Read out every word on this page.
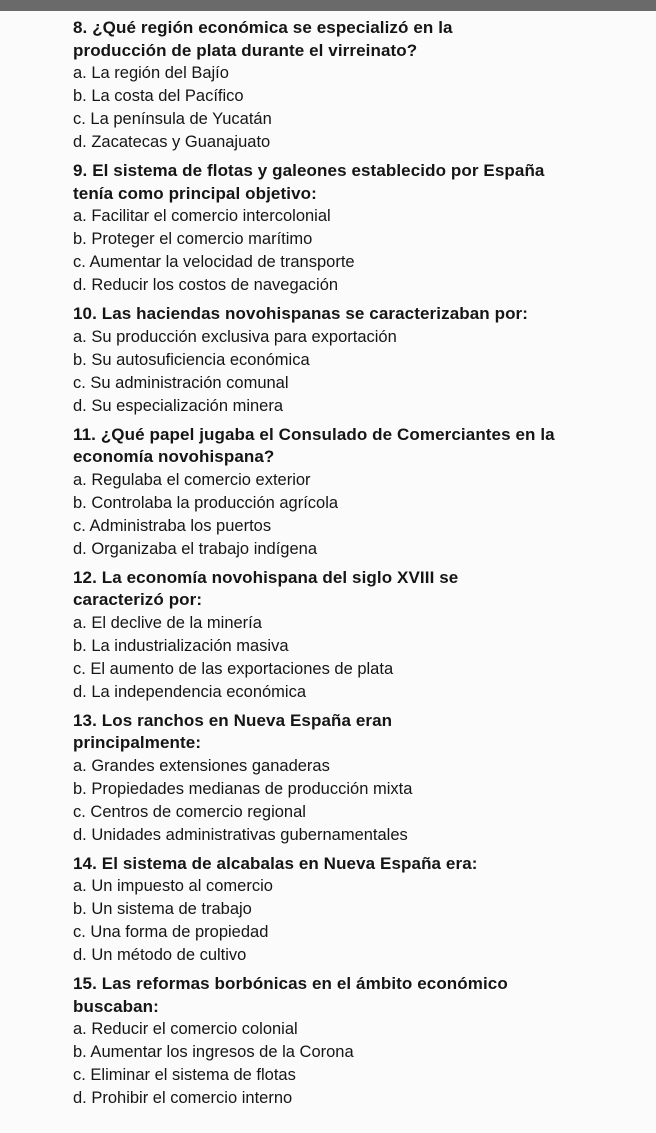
8. ¿Qué región económica se especializó en la producción de plata durante el virreinato?

a. La región del Bajío

b. La costa del Pacífico

c. La península de Yucatán

d. Zacatecas y Guanajuato

9. El sistema de flotas y galeones establecido por España tenía como principal objetivo:

a. Facilitar el comercio intercolonial

b. Proteger el comercio marítimo

c. Aumentar la velocidad de transporte

d. Reducir los costos de navegación

10. Las haciendas novohispanas se caracterizaban por:

a. Su producción exclusiva para exportación

b. Su autosuficiencia económica

c. Su administración comunal

d. Su especialización minera

11. ¿Qué papel jugaba el Consulado de Comerciantes en la economía novohispana?

a. Regulaba el comercio exterior

b. Controlaba la producción agrícola

c. Administraba los puertos

d. Organizaba el trabajo indígena

12. La economía novohispana del siglo XVIII se caracterizó por:

a. El declive de la minería

b. La industrialización masiva

c. El aumento de las exportaciones de plata

d. La independencia económica

13. Los ranchos en Nueva España eran principalmente:

a. Grandes extensiones ganaderas

b. Propiedades medianas de producción mixta

c. Centros de comercio regional

d. Unidades administrativas gubernamentales

14. El sistema de alcabalas en Nueva España era:

a. Un impuesto al comercio

b. Un sistema de trabajo

c. Una forma de propiedad

d. Un método de cultivo

15. Las reformas borbónicas en el ámbito económico buscaban:

a. Reducir el comercio colonial

b. Aumentar los ingresos de la Corona

c. Eliminar el sistema de flotas

d. Prohibir el comercio interno
